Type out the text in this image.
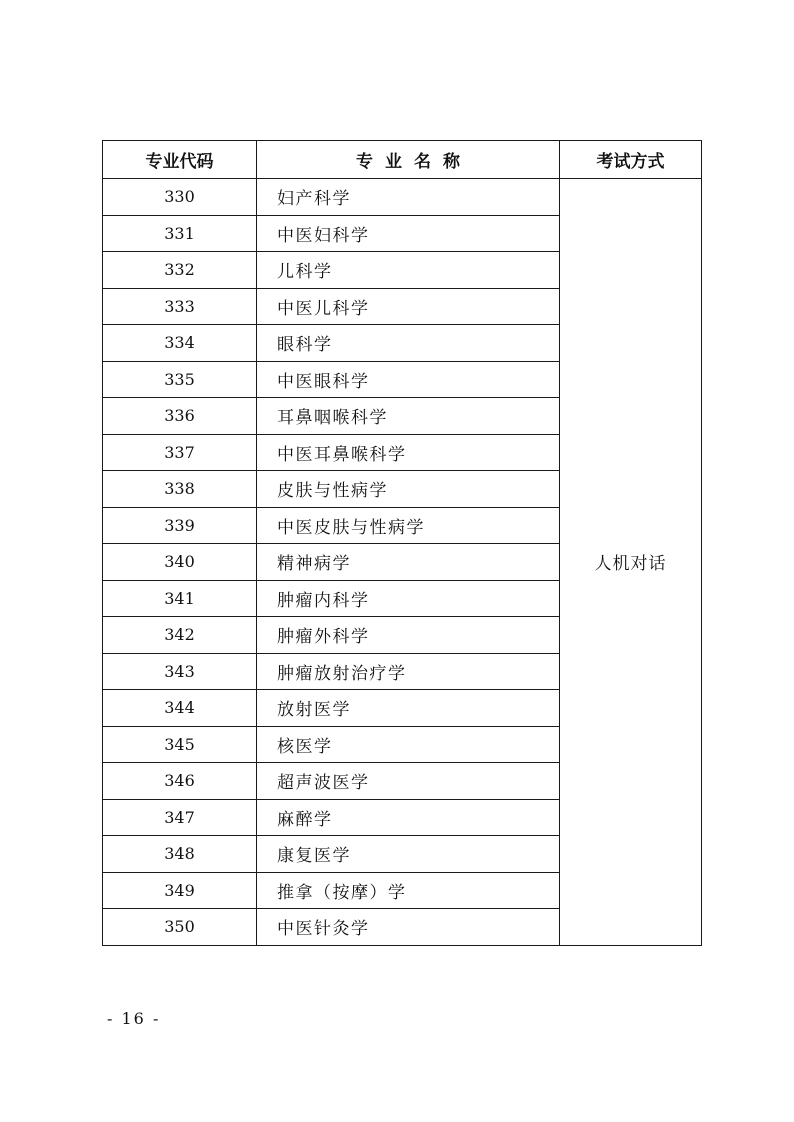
专业代码	专业名称	考试方式
330	妇产科学	人机对话
331	中医妇科学	
332	儿科学	
333	中医儿科学	
334	眼科学	
335	中医眼科学	
336	耳鼻咽喉科学	
337	中医耳鼻喉科学	
338	皮肤与性病学	
339	中医皮肤与性病学	
340	精神病学	
341	肿瘤内科学	
342	肿瘤外科学	
343	肿瘤放射治疗学	
344	放射医学	
345	核医学	
346	超声波医学	
347	麻醉学	
348	康复医学	
349	推拿（按摩）学	
350	中医针灸学	
- 16 -
